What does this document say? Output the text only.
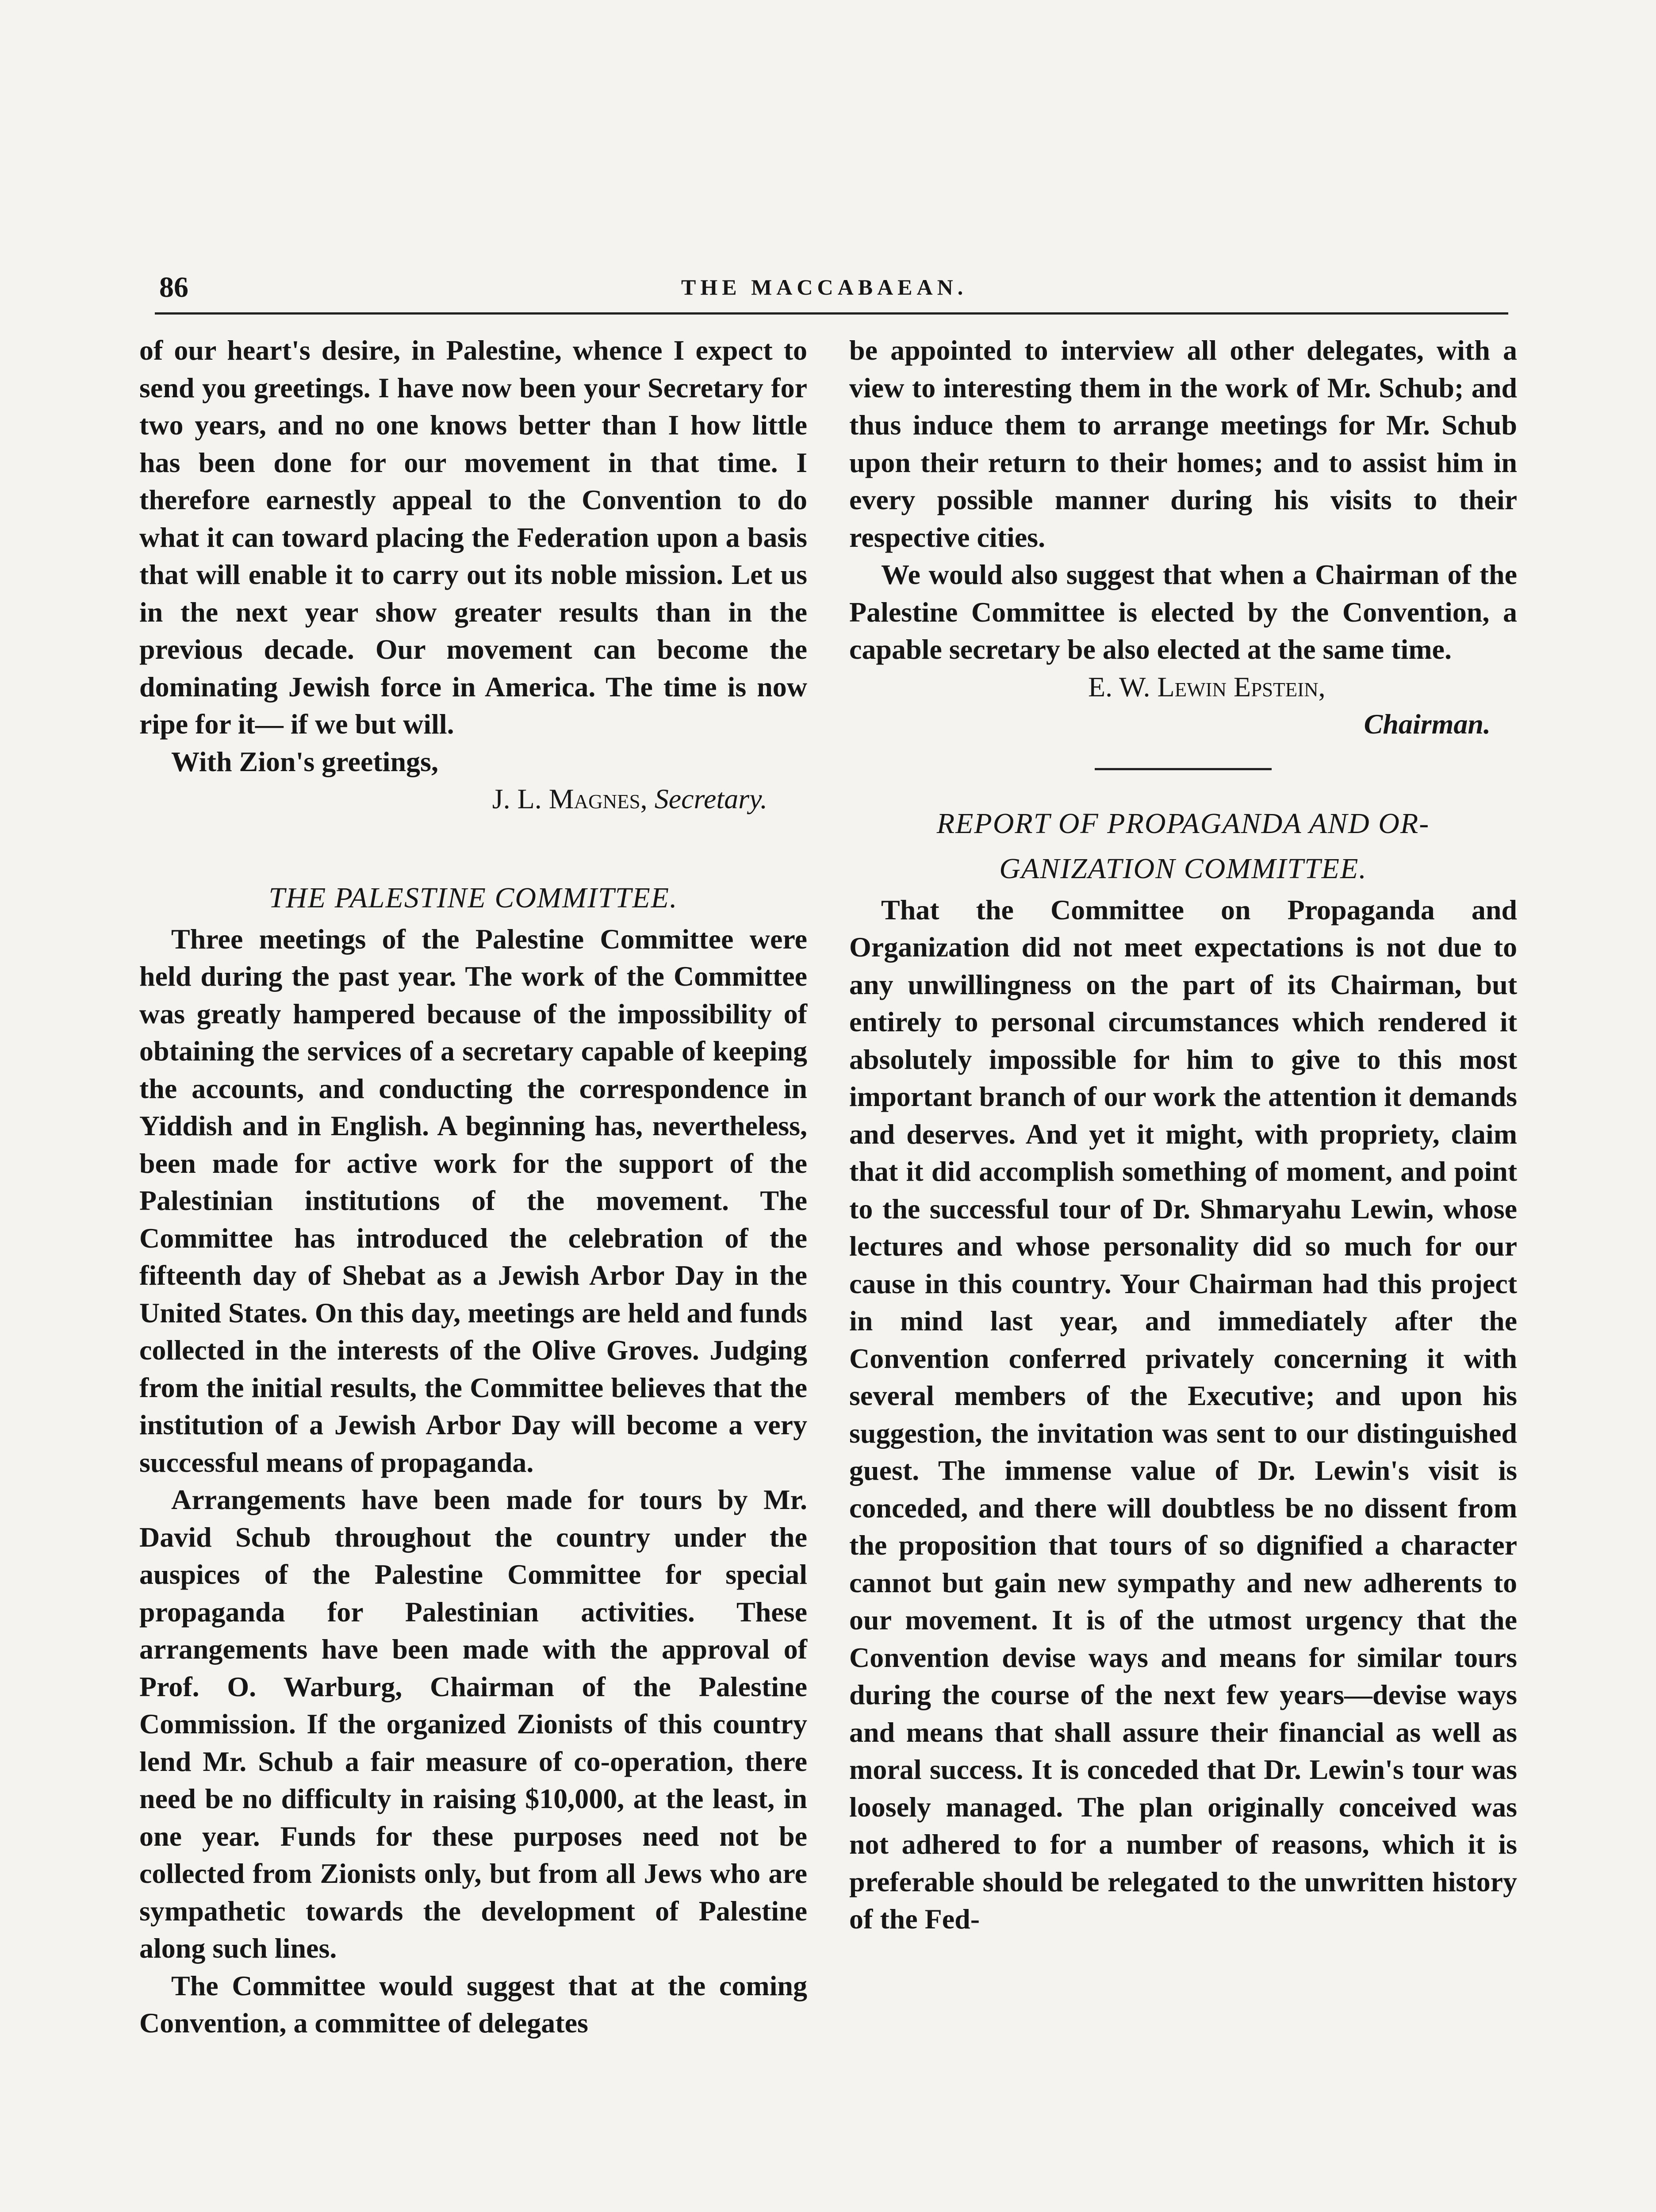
86	THE MACCABAEAN.

of our heart's desire, in Palestine, whence I expect to send you greetings. I have now been your Secretary for two years, and no one knows better than I how little has been done for our movement in that time. I therefore earnestly appeal to the Convention to do what it can toward placing the Federation upon a basis that will enable it to carry out its noble mission. Let us in the next year show greater results than in the previous decade. Our movement can become the dominating Jewish force in America. The time is now ripe for it— if we but will.

With Zion's greetings,

J. L. Magnes, Secretary.

THE PALESTINE COMMITTEE.

Three meetings of the Palestine Committee were held during the past year. The work of the Committee was greatly hampered because of the impossibility of obtaining the services of a secretary capable of keeping the accounts, and conducting the correspondence in Yiddish and in English. A beginning has, nevertheless, been made for active work for the support of the Palestinian institutions of the movement. The Committee has introduced the celebration of the fifteenth day of Shebat as a Jewish Arbor Day in the United States. On this day, meetings are held and funds collected in the interests of the Olive Groves. Judging from the initial results, the Committee believes that the institution of a Jewish Arbor Day will become a very successful means of propaganda.

Arrangements have been made for tours by Mr. David Schub throughout the country under the auspices of the Palestine Committee for special propaganda for Palestinian activities. These arrangements have been made with the approval of Prof. O. Warburg, Chairman of the Palestine Commission. If the organized Zionists of this country lend Mr. Schub a fair measure of co-operation, there need be no difficulty in raising $10,000, at the least, in one year. Funds for these purposes need not be collected from Zionists only, but from all Jews who are sympathetic towards the development of Palestine along such lines.

The Committee would suggest that at the coming Convention, a committee of delegates

be appointed to interview all other delegates, with a view to interesting them in the work of Mr. Schub; and thus induce them to arrange meetings for Mr. Schub upon their return to their homes; and to assist him in every possible manner during his visits to their respective cities.

We would also suggest that when a Chairman of the Palestine Committee is elected by the Convention, a capable secretary be also elected at the same time.

E. W. Lewin Epstein,

Chairman.

REPORT OF PROPAGANDA AND OR-
GANIZATION COMMITTEE.

That the Committee on Propaganda and Organization did not meet expectations is not due to any unwillingness on the part of its Chairman, but entirely to personal circumstances which rendered it absolutely impossible for him to give to this most important branch of our work the attention it demands and deserves. And yet it might, with propriety, claim that it did accomplish something of moment, and point to the successful tour of Dr. Shmaryahu Lewin, whose lectures and whose personality did so much for our cause in this country. Your Chairman had this project in mind last year, and immediately after the Convention conferred privately concerning it with several members of the Executive; and upon his suggestion, the invitation was sent to our distinguished guest. The immense value of Dr. Lewin's visit is conceded, and there will doubtless be no dissent from the proposition that tours of so dignified a character cannot but gain new sympathy and new adherents to our movement. It is of the utmost urgency that the Convention devise ways and means for similar tours during the course of the next few years—devise ways and means that shall assure their financial as well as moral success. It is conceded that Dr. Lewin's tour was loosely managed. The plan originally conceived was not adhered to for a number of reasons, which it is preferable should be relegated to the unwritten history of the Fed-
